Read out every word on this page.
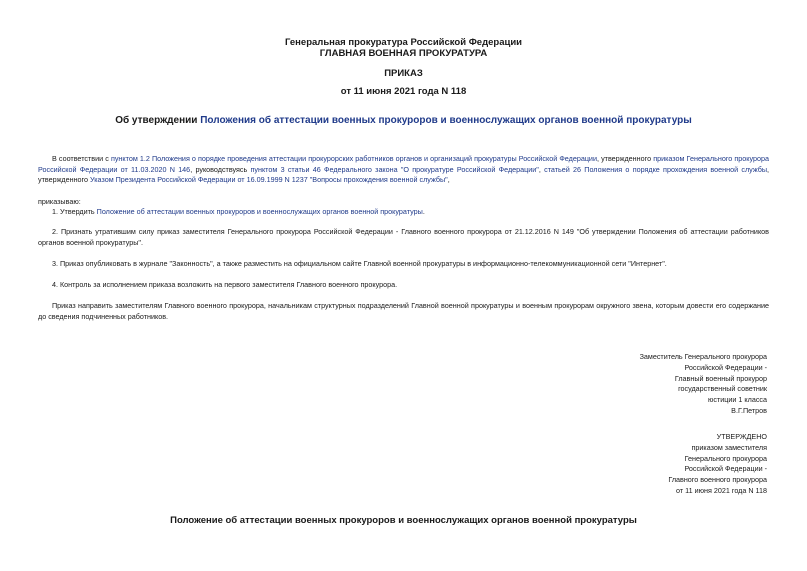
Генеральная прокуратура Российской Федерации
ГЛАВНАЯ ВОЕННАЯ ПРОКУРАТУРА
ПРИКАЗ
от 11 июня 2021 года N 118
Об утверждении Положения об аттестации военных прокуроров и военнослужащих органов военной прокуратуры
В соответствии с пунктом 1.2 Положения о порядке проведения аттестации прокурорских работников органов и организаций прокуратуры Российской Федерации, утвержденного приказом Генерального прокурора Российской Федерации от 11.03.2020 N 146, руководствуясь пунктом 3 статьи 46 Федерального закона "О прокуратуре Российской Федерации", статьей 26 Положения о порядке прохождения военной службы, утвержденного Указом Президента Российской Федерации от 16.09.1999 N 1237 "Вопросы прохождения военной службы",
приказываю:
1. Утвердить Положение об аттестации военных прокуроров и военнослужащих органов военной прокуратуры.
2. Признать утратившим силу приказ заместителя Генерального прокурора Российской Федерации - Главного военного прокурора от 21.12.2016 N 149 "Об утверждении Положения об аттестации работников органов военной прокуратуры".
3. Приказ опубликовать в журнале "Законность", а также разместить на официальном сайте Главной военной прокуратуры в информационно-телекоммуникационной сети "Интернет".
4. Контроль за исполнением приказа возложить на первого заместителя Главного военного прокурора.
Приказ направить заместителям Главного военного прокурора, начальникам структурных подразделений Главной военной прокуратуры и военным прокурорам окружного звена, которым довести его содержание до сведения подчиненных работников.
Заместитель Генерального прокурора
Российской Федерации -
Главный военный прокурор
государственный советник
юстиции 1 класса
В.Г.Петров
УТВЕРЖДЕНО
приказом заместителя
Генерального прокурора
Российской Федерации -
Главного военного прокурора
от 11 июня 2021 года N 118
Положение об аттестации военных прокуроров и военнослужащих органов военной прокуратуры
